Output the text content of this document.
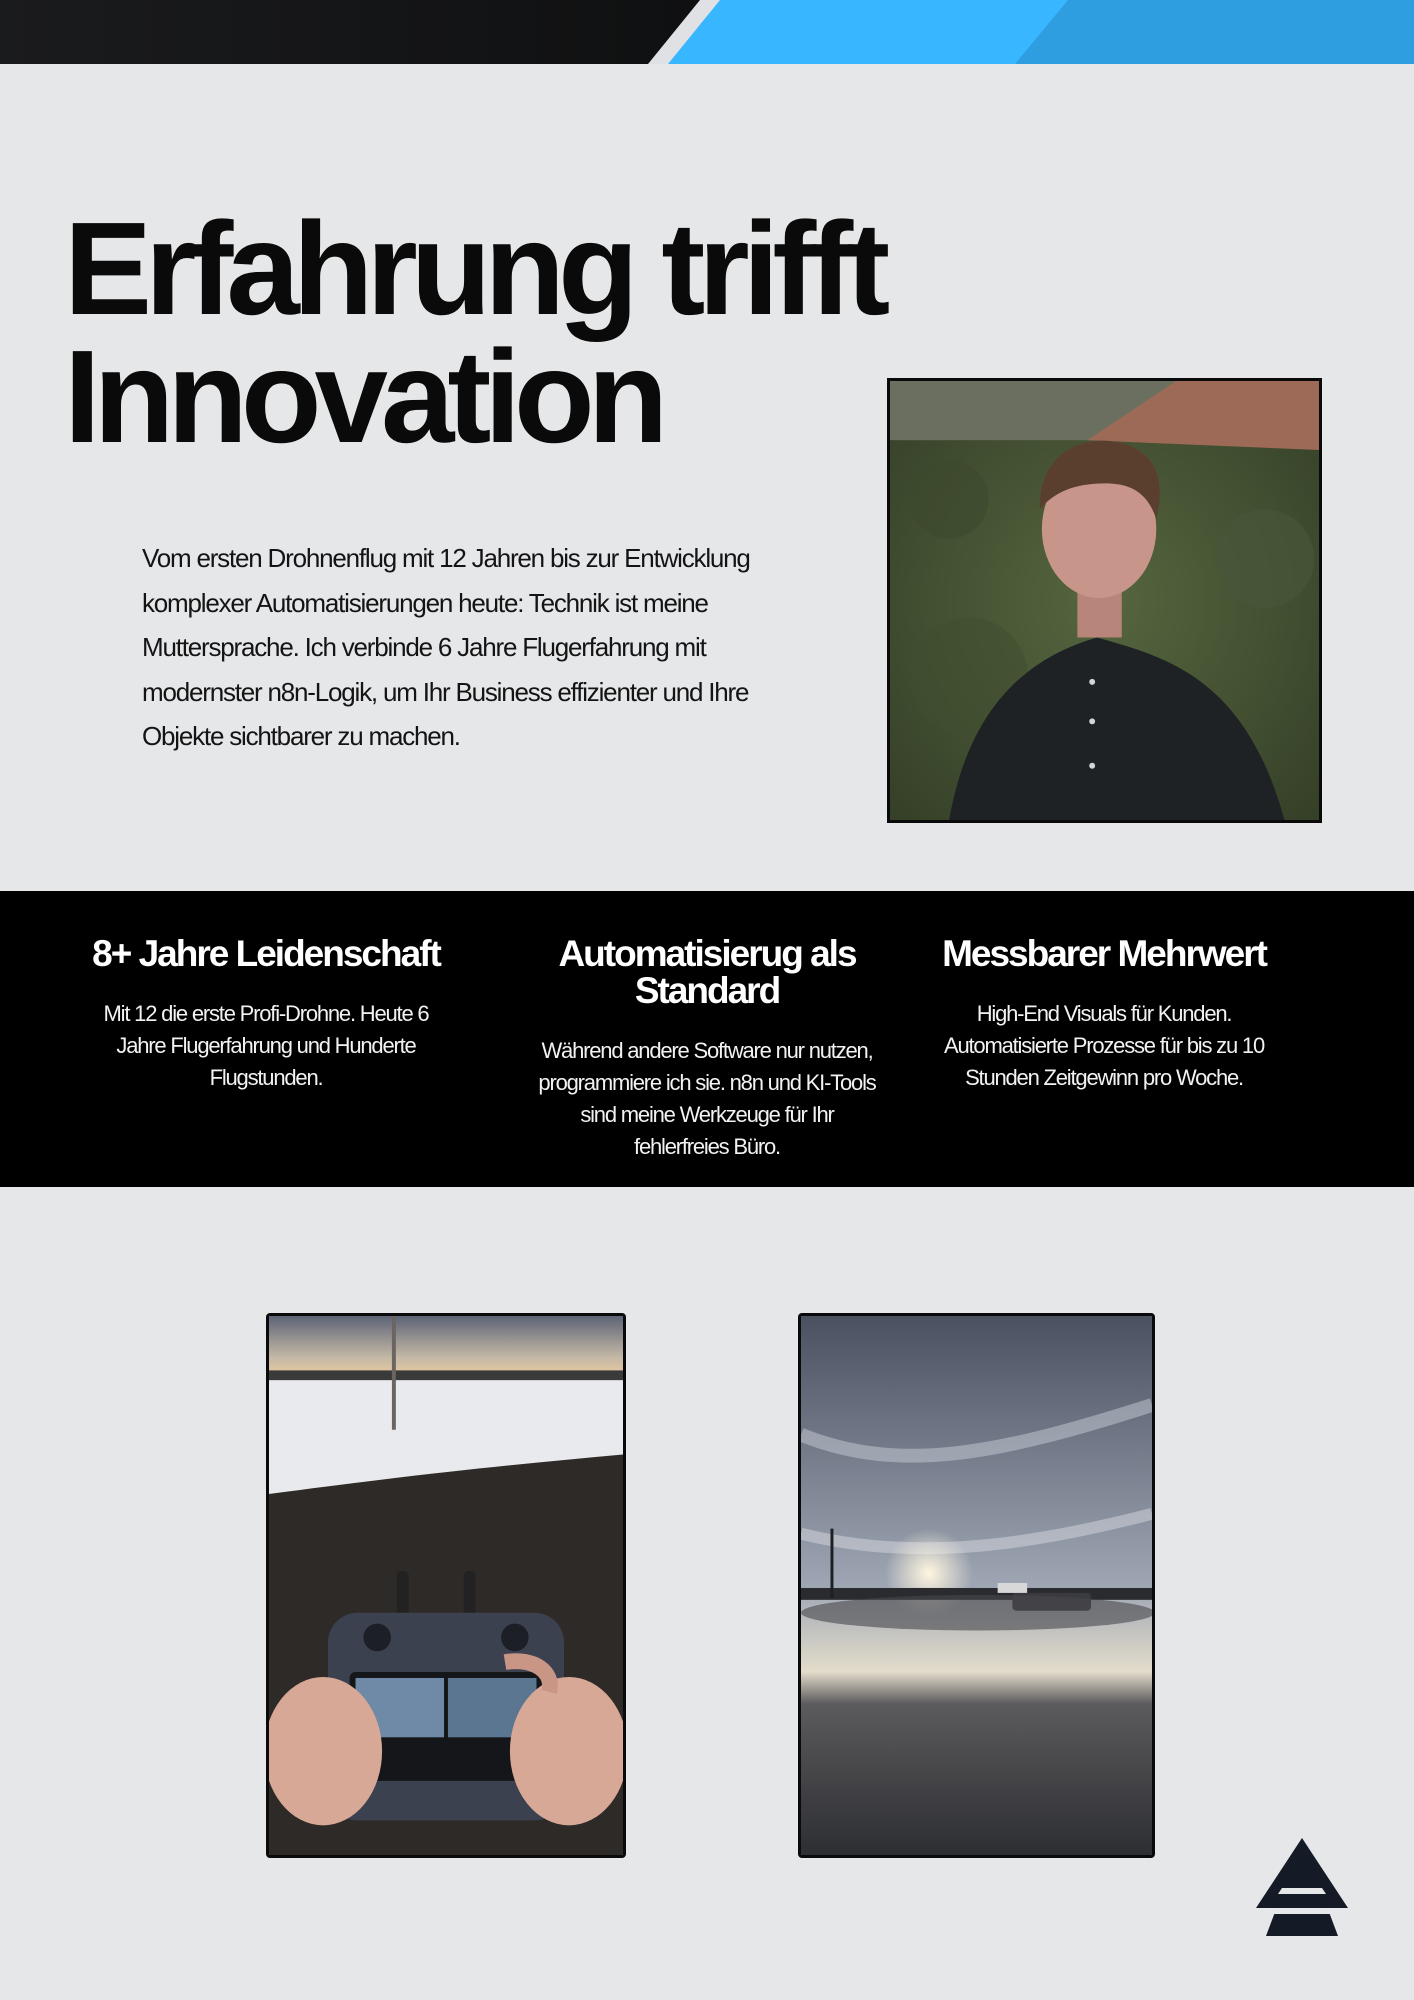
Erfahrung trifft
Innovation

Vom ersten Drohnenflug mit 12 Jahren bis zur Entwicklung komplexer Automatisierungen heute: Technik ist meine Muttersprache. Ich verbinde 6 Jahre Flugerfahrung mit modernster n8n-Logik, um Ihr Business effizienter und Ihre Objekte sichtbarer zu machen.

8+ Jahre Leidenschaft

Mit 12 die erste Profi-Drohne. Heute 6 Jahre Flugerfahrung und Hunderte Flugstunden.

Automatisierug als Standard

Während andere Software nur nutzen, programmiere ich sie. n8n und KI-Tools sind meine Werkzeuge für Ihr fehlerfreies Büro.

Messbarer Mehrwert

High-End Visuals für Kunden. Automatisierte Prozesse für bis zu 10 Stunden Zeitgewinn pro Woche.
